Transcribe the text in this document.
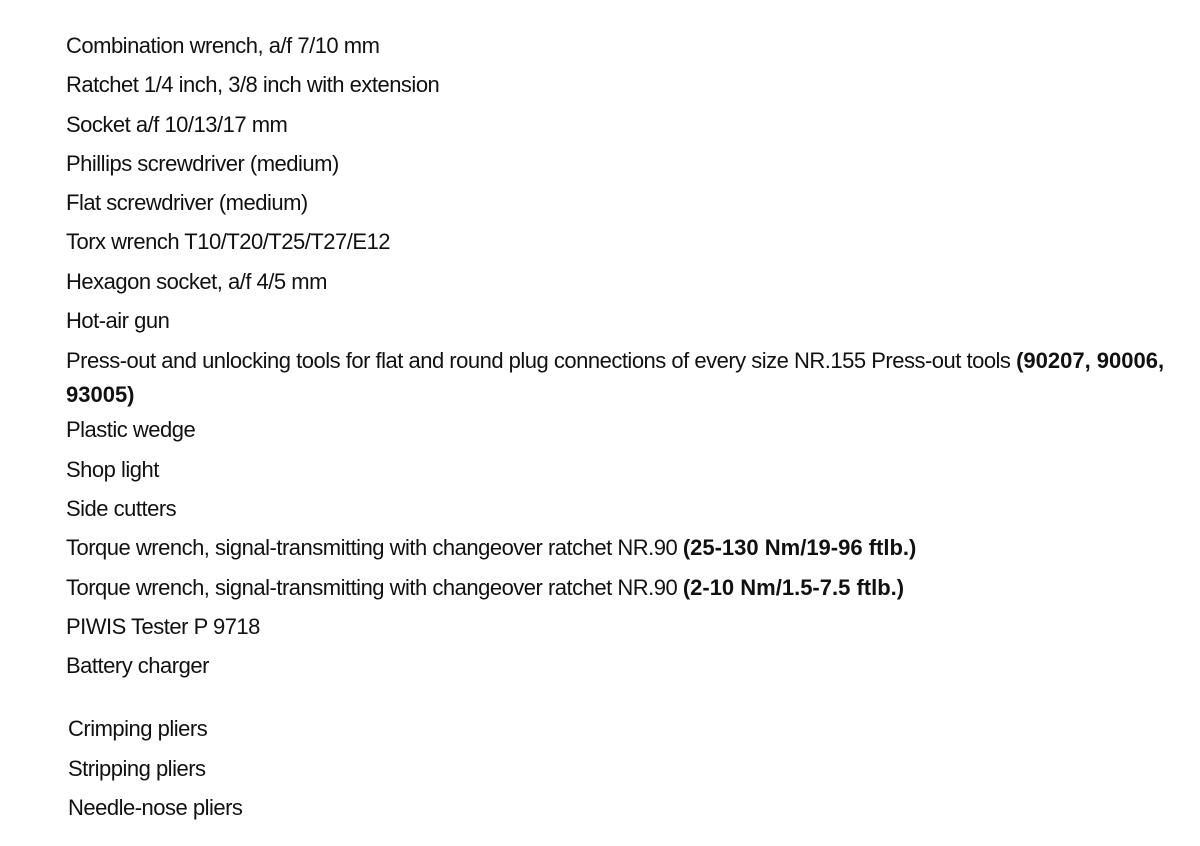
Combination wrench, a/f 7/10 mm
Ratchet 1/4 inch, 3/8 inch with extension
Socket a/f 10/13/17 mm
Phillips screwdriver (medium)
Flat screwdriver (medium)
Torx wrench T10/T20/T25/T27/E12
Hexagon socket, a/f 4/5 mm
Hot-air gun
Press-out and unlocking tools for flat and round plug connections of every size NR.155 Press-out tools (90207, 90006, 93005)
Plastic wedge
Shop light
Side cutters
Torque wrench, signal-transmitting with changeover ratchet NR.90 (25-130 Nm/19-96 ftlb.)
Torque wrench, signal-transmitting with changeover ratchet NR.90 (2-10 Nm/1.5-7.5 ftlb.)
PIWIS Tester P 9718
Battery charger
Crimping pliers
Stripping pliers
Needle-nose pliers
